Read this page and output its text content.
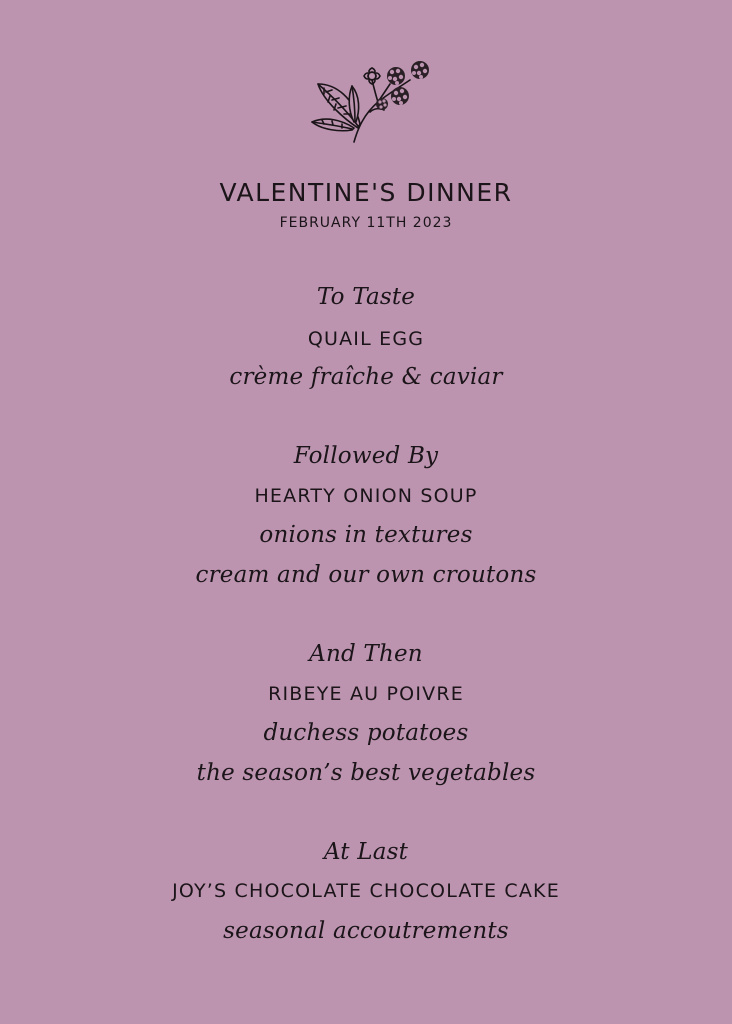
VALENTINE'S DINNER
FEBRUARY 11TH 2023
To Taste
QUAIL EGG
crème fraîche & caviar
Followed By
HEARTY ONION SOUP
onions in textures
cream and our own croutons
And Then
RIBEYE AU POIVRE
duchess potatoes
the season’s best vegetables
At Last
JOY’S CHOCOLATE CHOCOLATE CAKE
seasonal accoutrements
